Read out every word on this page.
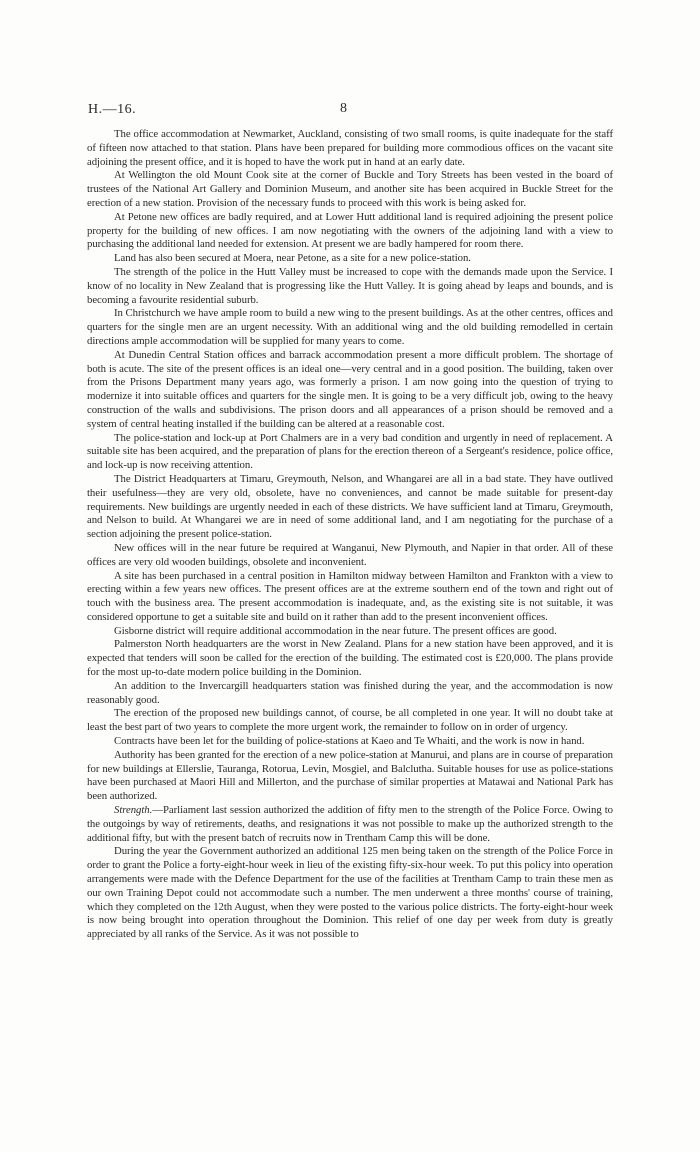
H.—16.	8

The office accommodation at Newmarket, Auckland, consisting of two small rooms, is quite inadequate for the staff of fifteen now attached to that station. Plans have been prepared for building more commodious offices on the vacant site adjoining the present office, and it is hoped to have the work put in hand at an early date.

At Wellington the old Mount Cook site at the corner of Buckle and Tory Streets has been vested in the board of trustees of the National Art Gallery and Dominion Museum, and another site has been acquired in Buckle Street for the erection of a new station. Provision of the necessary funds to proceed with this work is being asked for.

At Petone new offices are badly required, and at Lower Hutt additional land is required adjoining the present police property for the building of new offices. I am now negotiating with the owners of the adjoining land with a view to purchasing the additional land needed for extension. At present we are badly hampered for room there.

Land has also been secured at Moera, near Petone, as a site for a new police-station.

The strength of the police in the Hutt Valley must be increased to cope with the demands made upon the Service. I know of no locality in New Zealand that is progressing like the Hutt Valley. It is going ahead by leaps and bounds, and is becoming a favourite residential suburb.

In Christchurch we have ample room to build a new wing to the present buildings. As at the other centres, offices and quarters for the single men are an urgent necessity. With an additional wing and the old building remodelled in certain directions ample accommodation will be supplied for many years to come.

At Dunedin Central Station offices and barrack accommodation present a more difficult problem. The shortage of both is acute. The site of the present offices is an ideal one—very central and in a good position. The building, taken over from the Prisons Department many years ago, was formerly a prison. I am now going into the question of trying to modernize it into suitable offices and quarters for the single men. It is going to be a very difficult job, owing to the heavy construction of the walls and subdivisions. The prison doors and all appearances of a prison should be removed and a system of central heating installed if the building can be altered at a reasonable cost.

The police-station and lock-up at Port Chalmers are in a very bad condition and urgently in need of replacement. A suitable site has been acquired, and the preparation of plans for the erection thereon of a Sergeant's residence, police office, and lock-up is now receiving attention.

The District Headquarters at Timaru, Greymouth, Nelson, and Whangarei are all in a bad state. They have outlived their usefulness—they are very old, obsolete, have no conveniences, and cannot be made suitable for present-day requirements. New buildings are urgently needed in each of these districts. We have sufficient land at Timaru, Greymouth, and Nelson to build. At Whangarei we are in need of some additional land, and I am negotiating for the purchase of a section adjoining the present police-station.

New offices will in the near future be required at Wanganui, New Plymouth, and Napier in that order. All of these offices are very old wooden buildings, obsolete and inconvenient.

A site has been purchased in a central position in Hamilton midway between Hamilton and Frankton with a view to erecting within a few years new offices. The present offices are at the extreme southern end of the town and right out of touch with the business area. The present accommodation is inadequate, and, as the existing site is not suitable, it was considered opportune to get a suitable site and build on it rather than add to the present inconvenient offices.

Gisborne district will require additional accommodation in the near future. The present offices are good.

Palmerston North headquarters are the worst in New Zealand. Plans for a new station have been approved, and it is expected that tenders will soon be called for the erection of the building. The estimated cost is £20,000. The plans provide for the most up-to-date modern police building in the Dominion.

An addition to the Invercargill headquarters station was finished during the year, and the accommodation is now reasonably good.

The erection of the proposed new buildings cannot, of course, be all completed in one year. It will no doubt take at least the best part of two years to complete the more urgent work, the remainder to follow on in order of urgency.

Contracts have been let for the building of police-stations at Kaeo and Te Whaiti, and the work is now in hand.

Authority has been granted for the erection of a new police-station at Manurui, and plans are in course of preparation for new buildings at Ellerslie, Tauranga, Rotorua, Levin, Mosgiel, and Balclutha. Suitable houses for use as police-stations have been purchased at Maori Hill and Millerton, and the purchase of similar properties at Matawai and National Park has been authorized.

Strength.—Parliament last session authorized the addition of fifty men to the strength of the Police Force. Owing to the outgoings by way of retirements, deaths, and resignations it was not possible to make up the authorized strength to the additional fifty, but with the present batch of recruits now in Trentham Camp this will be done.

During the year the Government authorized an additional 125 men being taken on the strength of the Police Force in order to grant the Police a forty-eight-hour week in lieu of the existing fifty-six-hour week. To put this policy into operation arrangements were made with the Defence Department for the use of the facilities at Trentham Camp to train these men as our own Training Depot could not accommodate such a number. The men underwent a three months' course of training, which they completed on the 12th August, when they were posted to the various police districts. The forty-eight-hour week is now being brought into operation throughout the Dominion. This relief of one day per week from duty is greatly appreciated by all ranks of the Service. As it was not possible to
